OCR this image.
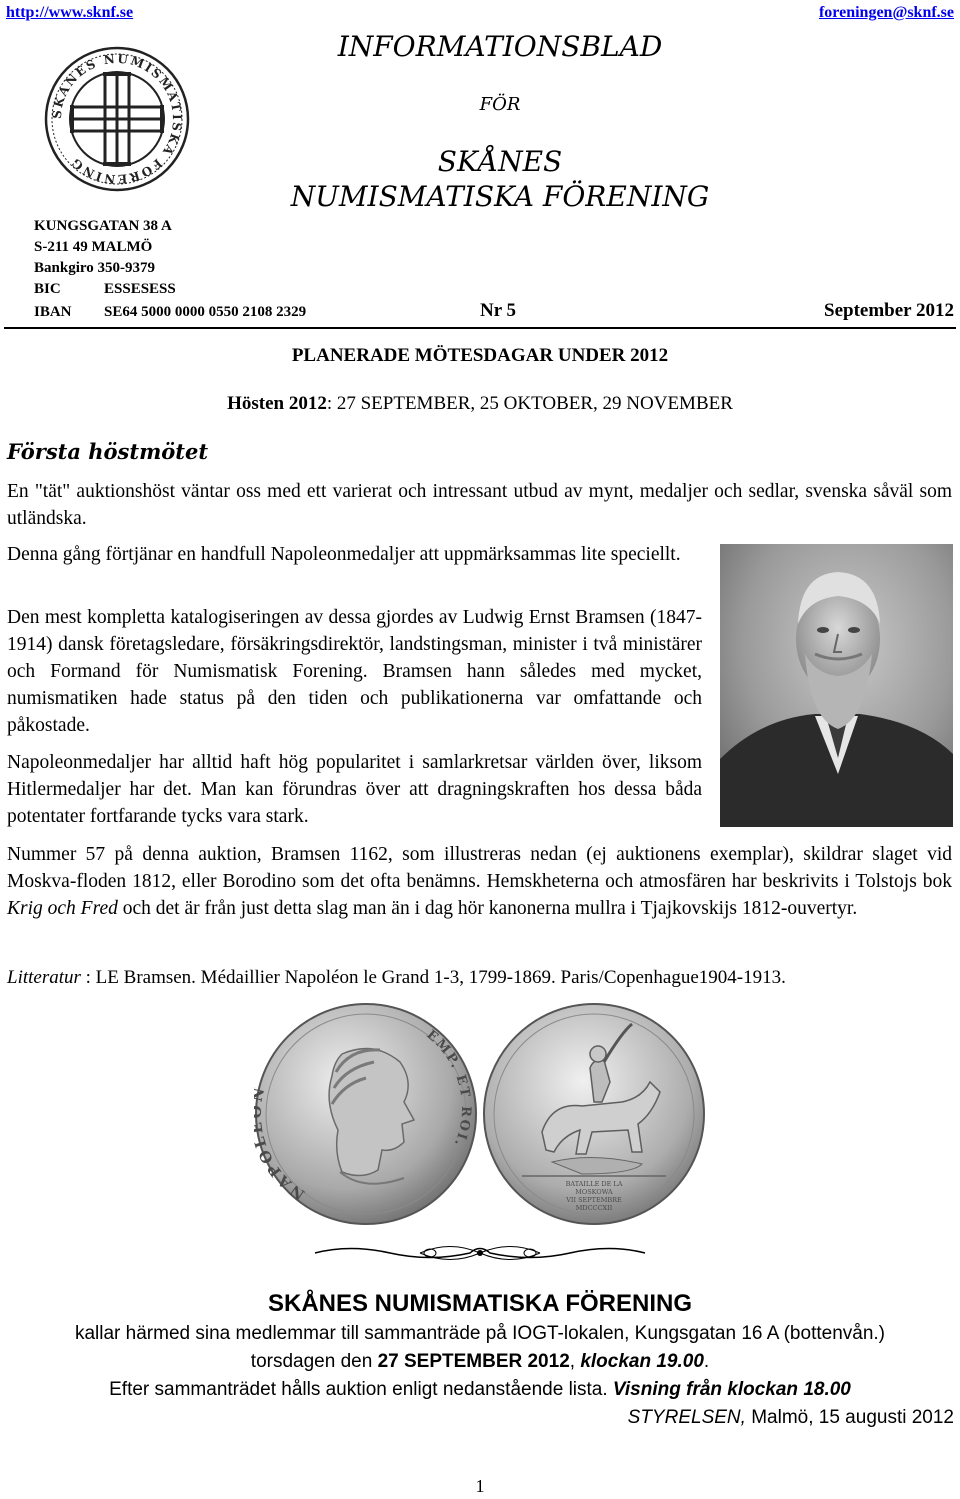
http://www.sknf.se	foreningen@sknf.se
SKANES NUMISMATISKA FORENING
INFORMATIONSBLAD
FÖR
SKÅNES
NUMISMATISKA FÖRENING
KUNGSGATAN 38 A
S-211 49 MALMÖ
Bankgiro 350-9379
BIC	ESSESESS
IBAN SE64 5000 0000 0550 2108 2329	Nr 5	September 2012
PLANERADE MÖTESDAGAR UNDER 2012
Hösten 2012: 27 SEPTEMBER, 25 OKTOBER, 29 NOVEMBER
Första höstmötet
En "tät" auktionshöst väntar oss med ett varierat och intressant utbud av mynt, medaljer och sedlar, svenska såväl som utländska.
Denna gång förtjänar en handfull Napoleonmedaljer att uppmärksammas lite speciellt.
Den mest kompletta katalogiseringen av dessa gjordes av Ludwig Ernst Bramsen (1847-1914) dansk företagsledare, försäkringsdirektör, landstingsman, minister i två ministärer och Formand för Numismatisk Forening. Bramsen hann således med mycket, numismatiken hade status på den tiden och publikationerna var omfattande och påkostade.
Napoleonmedaljer har alltid haft hög popularitet i samlarkretsar världen över, liksom Hitlermedaljer har det. Man kan förundras över att dragningskraften hos dessa båda potentater fortfarande tycks vara stark.
Nummer 57 på denna auktion, Bramsen 1162, som illustreras nedan (ej auktionens exemplar), skildrar slaget vid Moskva-floden 1812, eller Borodino som det ofta benämns. Hemskheterna och atmosfären har beskrivits i Tolstojs bok Krig och Fred och det är från just detta slag man än i dag hör kanonerna mullra i Tjajkovskijs 1812-ouvertyr.
Litteratur : LE Bramsen. Médaillier Napoléon le Grand 1-3, 1799-1869. Paris/Copenhague1904-1913.
NAPO
EMP. ET ROI.
BATAILLE DE LA
MOSKOWA
VII SEPTEMBRE
MDCCCXII
SKÅNES NUMISMATISKA FÖRENING
kallar härmed sina medlemmar till sammanträde på IOGT-lokalen, Kungsgatan 16 A (bottenvån.)
torsdagen den 27 SEPTEMBER 2012, klockan 19.00.
Efter sammanträdet hålls auktion enligt nedanstående lista. Visning från klockan 18.00
STYRELSEN, Malmö, 15 augusti 2012
1
